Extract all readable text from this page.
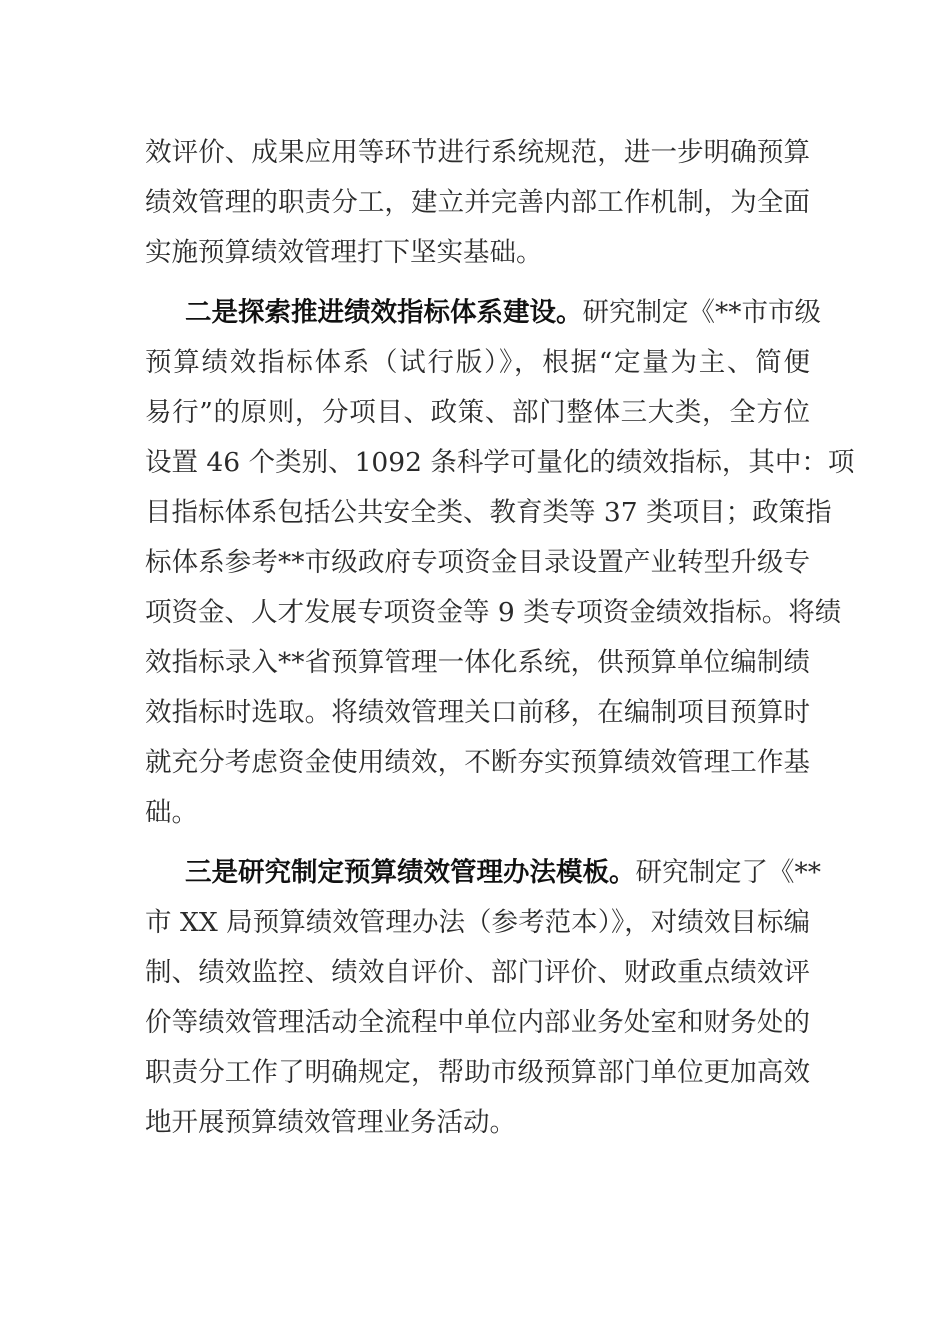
效评价、成果应用等环节进行系统规范，进一步明确预算
绩效管理的职责分工，建立并完善内部工作机制，为全面
实施预算绩效管理打下坚实基础。
二是探索推进绩效指标体系建设。研究制定《**市市级
预算绩效指标体系（试行版）》，根据“定量为主、简便
易行”的原则，分项目、政策、部门整体三大类，全方位
设置 46 个类别、1092 条科学可量化的绩效指标，其中：项
目指标体系包括公共安全类、教育类等 37 类项目；政策指
标体系参考**市级政府专项资金目录设置产业转型升级专
项资金、人才发展专项资金等 9 类专项资金绩效指标。将绩
效指标录入**省预算管理一体化系统，供预算单位编制绩
效指标时选取。将绩效管理关口前移，在编制项目预算时
就充分考虑资金使用绩效，不断夯实预算绩效管理工作基
础。
三是研究制定预算绩效管理办法模板。研究制定了《**
市 XX 局预算绩效管理办法（参考范本）》，对绩效目标编
制、绩效监控、绩效自评价、部门评价、财政重点绩效评
价等绩效管理活动全流程中单位内部业务处室和财务处的
职责分工作了明确规定，帮助市级预算部门单位更加高效
地开展预算绩效管理业务活动。
